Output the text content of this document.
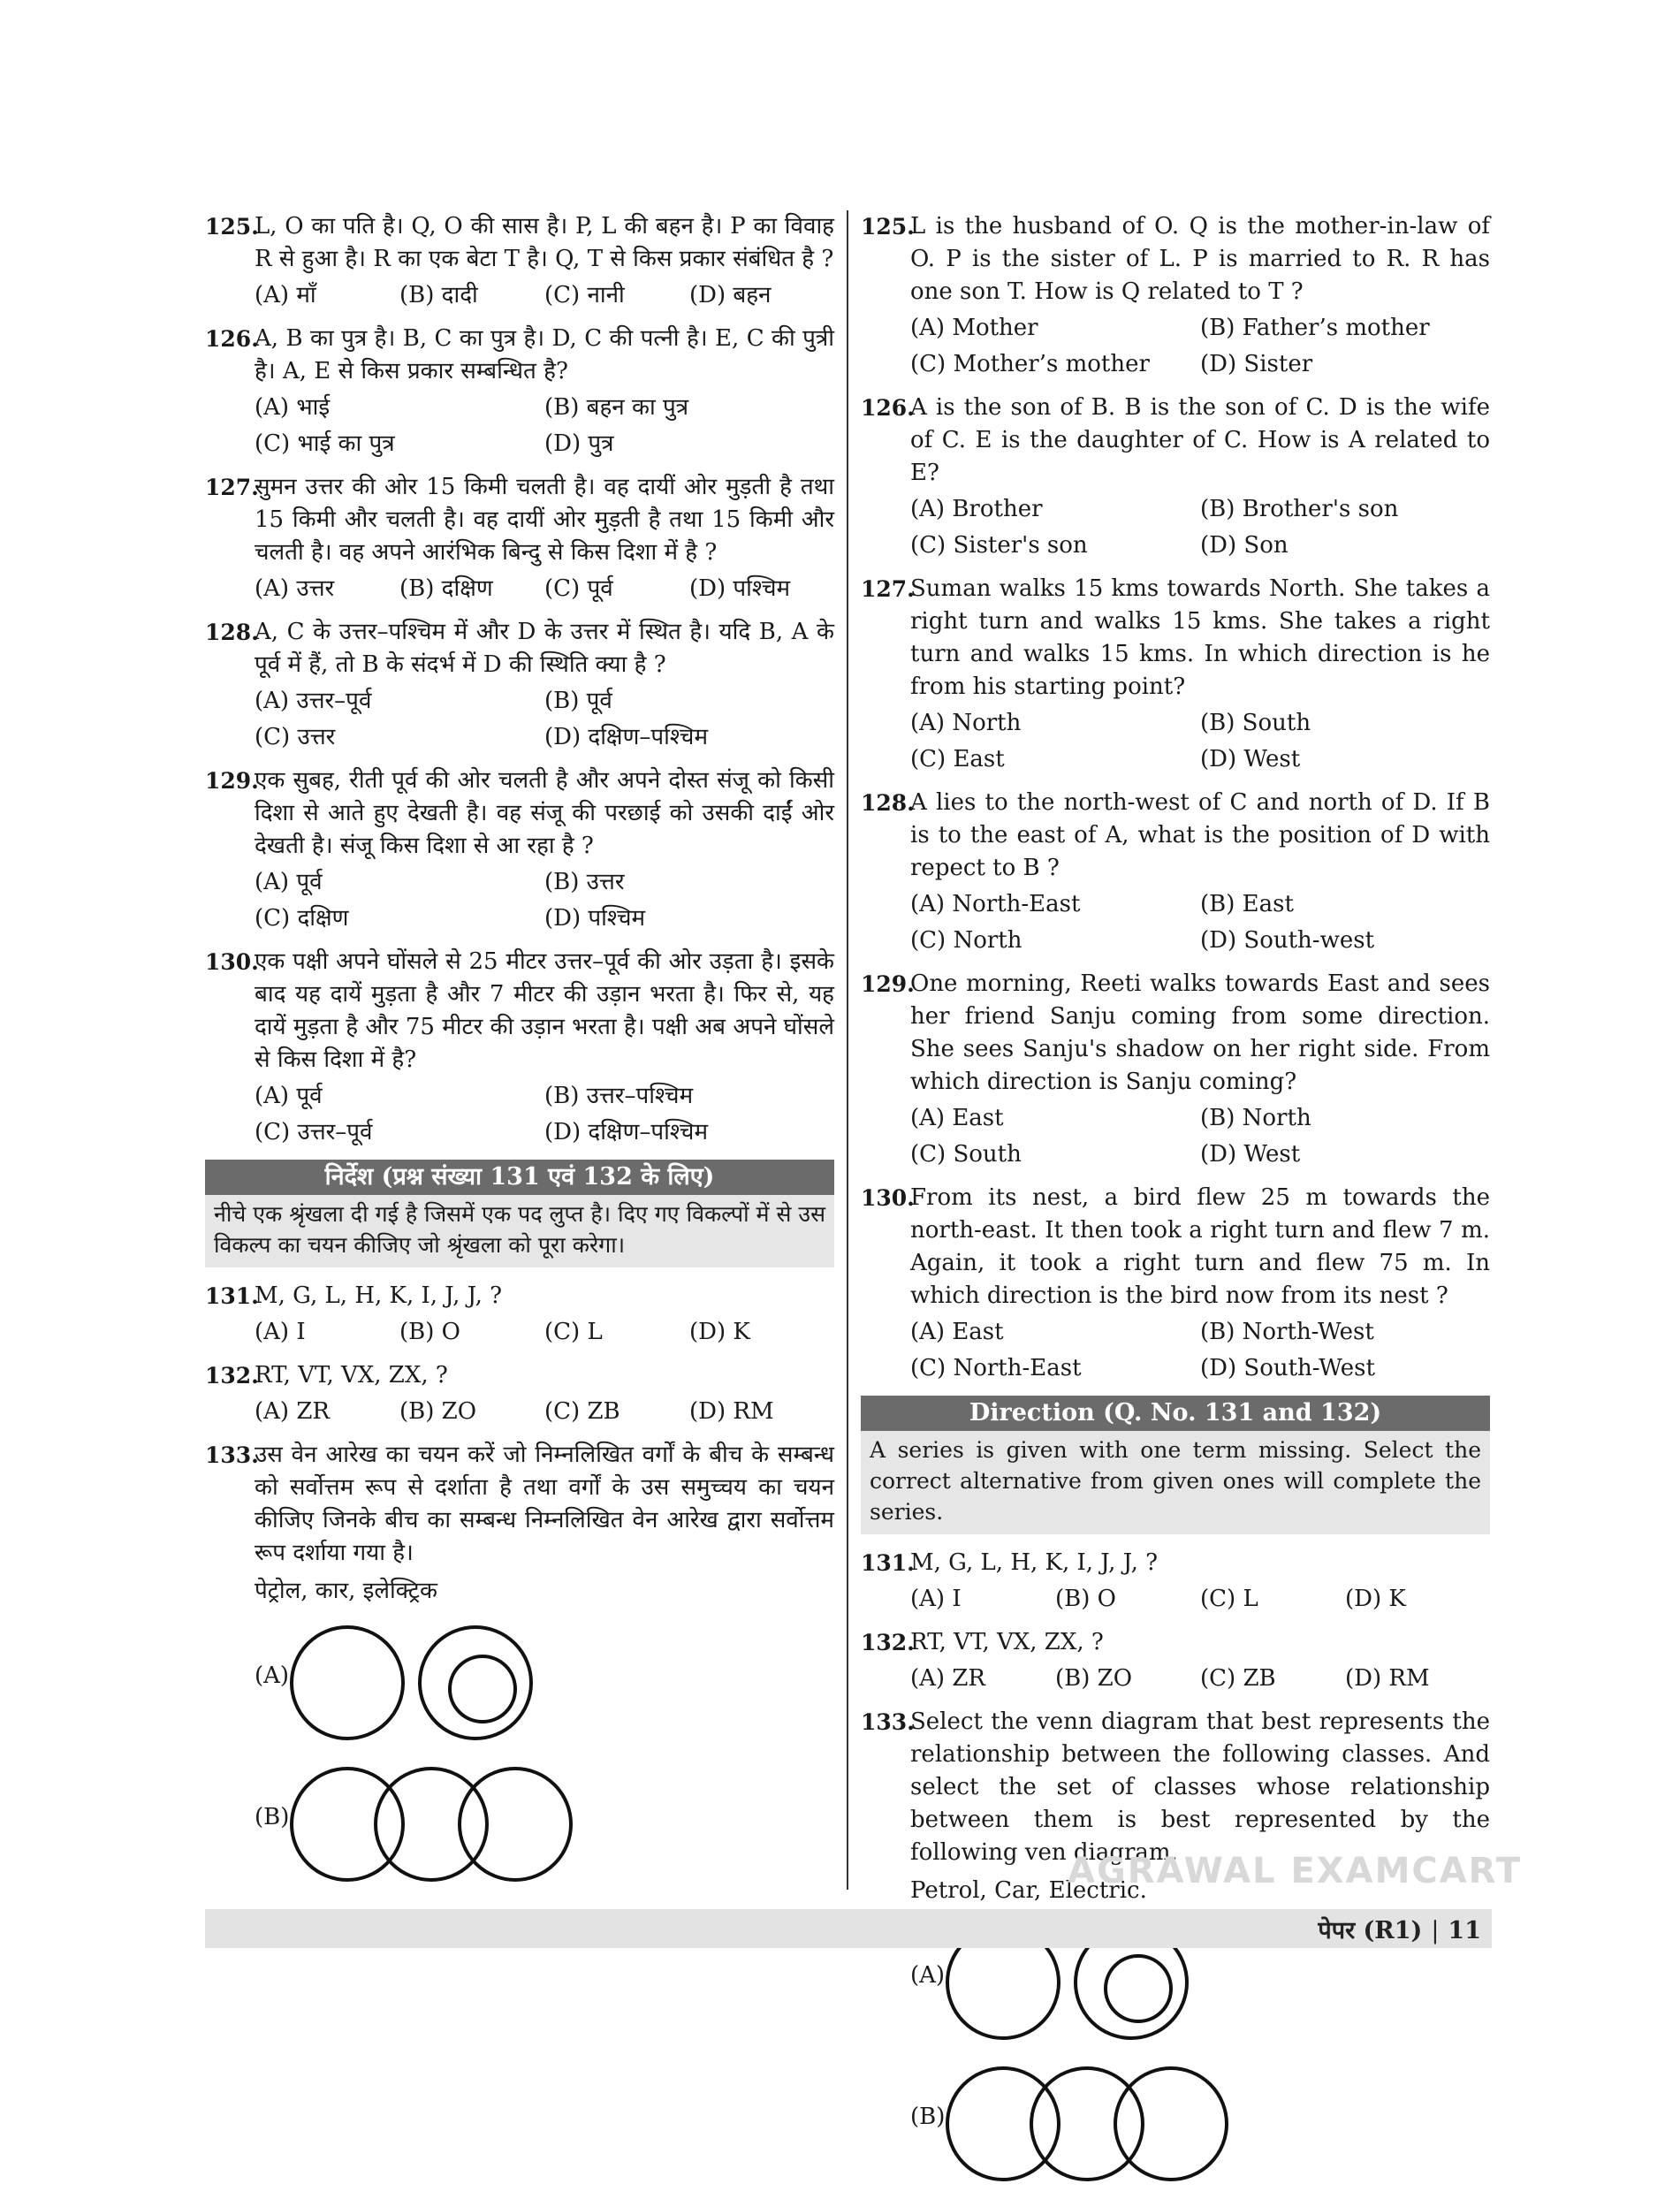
125.
L, O का पति है। Q, O की सास है। P, L की बहन है। P का विवाह R से हुआ है। R का एक बेटा T है। Q, T से किस प्रकार संबंधित है ?
(A) माँ	(B) दादी	(C) नानी	(D) बहन
126.
A, B का पुत्र है। B, C का पुत्र है। D, C की पत्नी है। E, C की पुत्री है। A, E से किस प्रकार सम्बन्धित है?
(A) भाई	(B) बहन का पुत्र
(C) भाई का पुत्र	(D) पुत्र
127.
सुमन उत्तर की ओर 15 किमी चलती है। वह दायीं ओर मुड़ती है तथा 15 किमी और चलती है। वह दायीं ओर मुड़ती है तथा 15 किमी और चलती है। वह अपने आरंभिक बिन्दु से किस दिशा में है ?
(A) उत्तर	(B) दक्षिण	(C) पूर्व	(D) पश्चिम
128.
A, C के उत्तर–पश्चिम में और D के उत्तर में स्थित है। यदि B, A के पूर्व में हैं, तो B के संदर्भ में D की स्थिति क्या है ?
(A) उत्तर–पूर्व	(B) पूर्व
(C) उत्तर	(D) दक्षिण–पश्चिम
129.
एक सुबह, रीती पूर्व की ओर चलती है और अपने दोस्त संजू को किसी दिशा से आते हुए देखती है। वह संजू की परछाई को उसकी दाईं ओर देखती है। संजू किस दिशा से आ रहा है ?
(A) पूर्व	(B) उत्तर
(C) दक्षिण	(D) पश्चिम
130.
एक पक्षी अपने घोंसले से 25 मीटर उत्तर–पूर्व की ओर उड़ता है। इसके बाद यह दायें मुड़ता है और 7 मीटर की उड़ान भरता है। फिर से, यह दायें मुड़ता है और 75 मीटर की उड़ान भरता है। पक्षी अब अपने घोंसले से किस दिशा में है?
(A) पूर्व	(B) उत्तर–पश्चिम
(C) उत्तर–पूर्व	(D) दक्षिण–पश्चिम
निर्देश (प्रश्न संख्या 131 एवं 132 के लिए)
नीचे एक श्रृंखला दी गई है जिसमें एक पद लुप्त है। दिए गए विकल्पों में से उस विकल्प का चयन कीजिए जो श्रृंखला को पूरा करेगा।
131.
M, G, L, H, K, I, J, J, ?
(A) I	(B) O	(C) L	(D) K
132.
RT, VT, VX, ZX, ?
(A) ZR	(B) ZO	(C) ZB	(D) RM
133.
उस वेन आरेख का चयन करें जो निम्नलिखित वर्गों के बीच के सम्बन्ध को सर्वोत्तम रूप से दर्शाता है तथा वर्गों के उस समुच्चय का चयन कीजिए जिनके बीच का सम्बन्ध निम्नलिखित वेन आरेख द्वारा सर्वोत्तम रूप दर्शाया गया है।
पेट्रोल, कार, इलेक्ट्रिक
(A)
(B)
125.
L is the husband of O. Q is the mother-in-law of O. P is the sister of L. P is married to R. R has one son T. How is Q related to T ?
(A) Mother	(B) Father’s mother
(C) Mother’s mother	(D) Sister
126.
A is the son of B. B is the son of C. D is the wife of C. E is the daughter of C. How is A related to E?
(A) Brother	(B) Brother's son
(C) Sister's son	(D) Son
127.
Suman walks 15 kms towards North. She takes a right turn and walks 15 kms. She takes a right turn and walks 15 kms. In which direction is he from his starting point?
(A) North	(B) South
(C) East	(D) West
128.
A lies to the north-west of C and north of D. If B is to the east of A, what is the position of D with repect to B ?
(A) North-East	(B) East
(C) North	(D) South-west
129.
One morning, Reeti walks towards East and sees her friend Sanju coming from some direction. She sees Sanju's shadow on her right side. From which direction is Sanju coming?
(A) East	(B) North
(C) South	(D) West
130.
From its nest, a bird flew 25 m towards the north-east. It then took a right turn and flew 7 m. Again, it took a right turn and flew 75 m. In which direction is the bird now from its nest ?
(A) East	(B) North-West
(C) North-East	(D) South-West
Direction (Q. No. 131 and 132)
A series is given with one term missing. Select the correct alternative from given ones will complete the series.
131.
M, G, L, H, K, I, J, J, ?
(A) I	(B) O	(C) L	(D) K
132.
RT, VT, VX, ZX, ?
(A) ZR	(B) ZO	(C) ZB	(D) RM
133.
Select the venn diagram that best represents the relationship between the following classes. And select the set of classes whose relationship between them is best represented by the following ven diagram.
Petrol, Car, Electric.
(A)
(B)
AGRAWAL EXAMCART
पेपर (R1) | 11
